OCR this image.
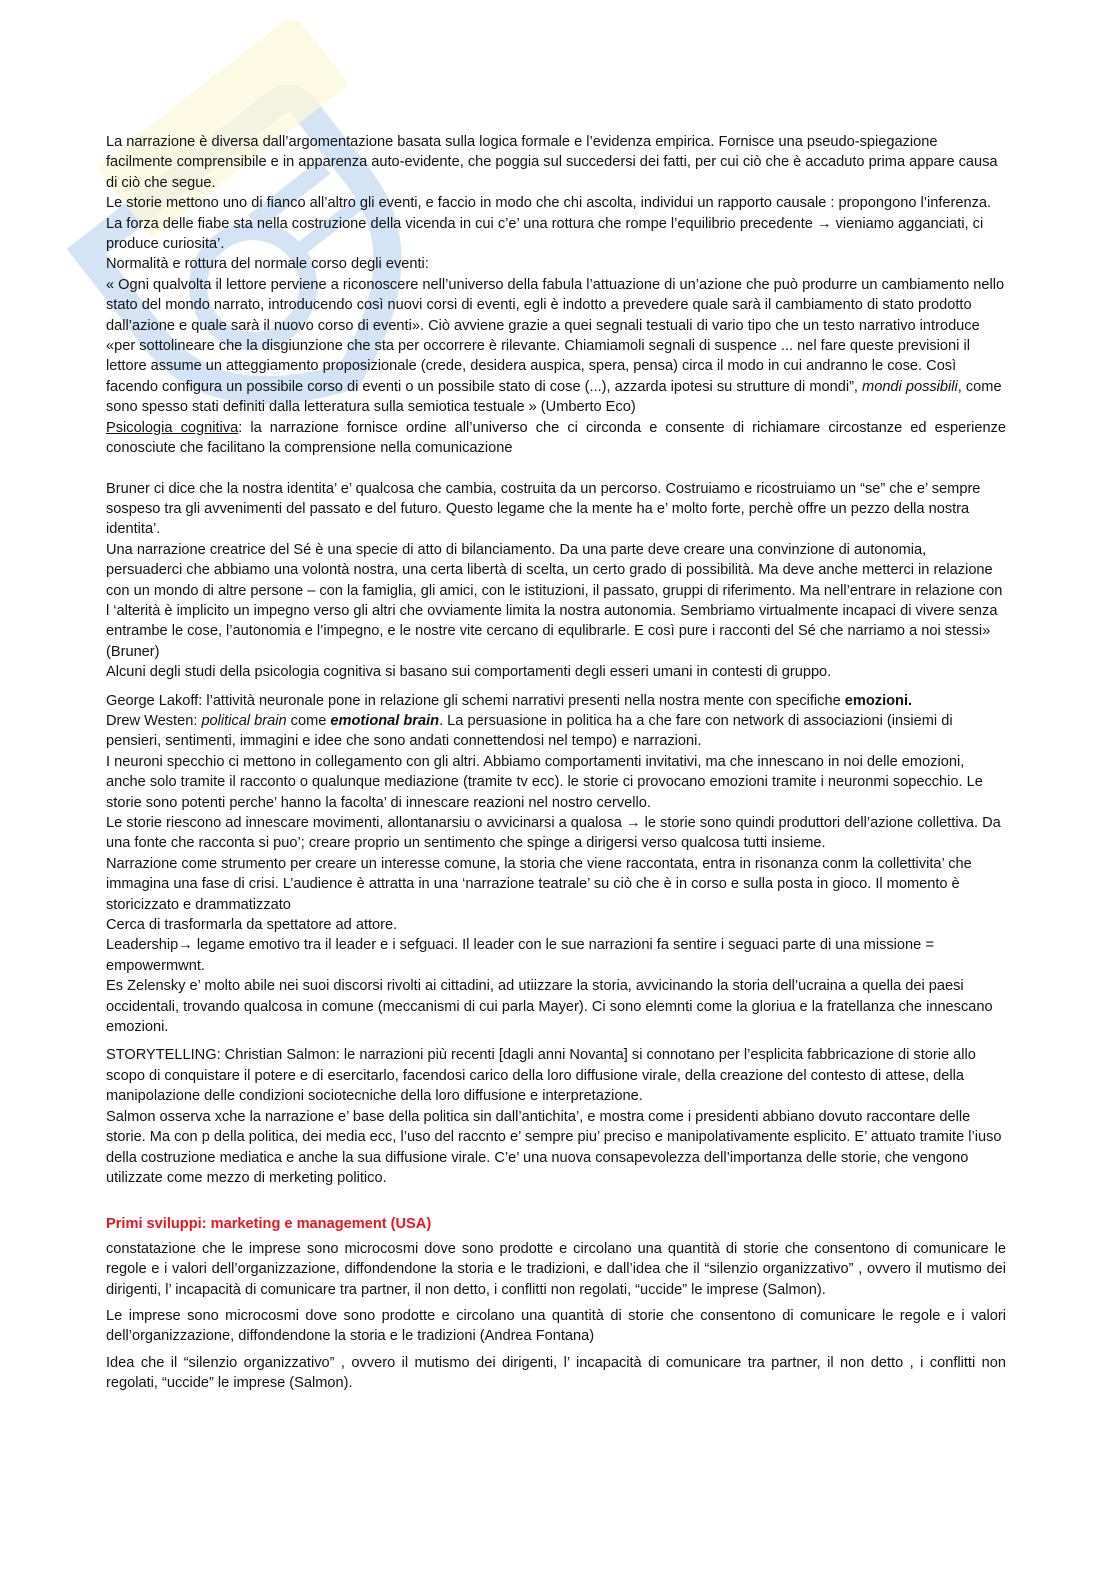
La narrazione è diversa dall’argomentazione basata sulla logica formale e l’evidenza empirica. Fornisce una pseudo-spiegazione facilmente comprensibile e in apparenza auto-evidente, che poggia sul succedersi dei fatti, per cui ciò che è accaduto prima appare causa di ciò che segue.

Le storie mettono uno di fianco all’altro gli eventi, e faccio in modo che chi ascolta, individui un rapporto causale : propongono l’inferenza.

La forza delle fiabe sta nella costruzione della vicenda in cui c’e’ una rottura che rompe l’equilibrio precedente → vieniamo agganciati, ci produce curiosita’.

Normalità e rottura del normale corso degli eventi:

« Ogni qualvolta il lettore perviene a riconoscere nell’universo della fabula l’attuazione di un’azione che può produrre un cambiamento nello stato del mondo narrato, introducendo così nuovi corsi di eventi, egli è indotto a prevedere quale sarà il cambiamento di stato prodotto dall’azione e quale sarà il nuovo corso di eventi». Ciò avviene grazie a quei segnali testuali di vario tipo che un testo narrativo introduce «per sottolineare che la disgiunzione che sta per occorrere è rilevante. Chiamiamoli segnali di suspence ... nel fare queste previsioni il lettore assume un atteggiamento proposizionale (crede, desidera auspica, spera, pensa) circa il modo in cui andranno le cose. Così facendo configura un possibile corso di eventi o un possibile stato di cose (...), azzarda ipotesi su strutture di mondi”, mondi possibili, come sono spesso stati definiti dalla letteratura sulla semiotica testuale » (Umberto Eco)

Psicologia cognitiva: la narrazione fornisce ordine all’universo che ci circonda e consente di richiamare circostanze ed esperienze conosciute che facilitano la comprensione nella comunicazione

Bruner ci dice che la nostra identita’ e’ qualcosa che cambia, costruita da un percorso. Costruiamo e ricostruiamo un “se” che e’ sempre sospeso tra gli avvenimenti del passato e del futuro. Questo legame che la mente ha e’ molto forte, perchè offre un pezzo della nostra identita’.

Una narrazione creatrice del Sé è una specie di atto di bilanciamento. Da una parte deve creare una convinzione di autonomia, persuaderci che abbiamo una volontà nostra, una certa libertà di scelta, un certo grado di possibilità. Ma deve anche metterci in relazione con un mondo di altre persone – con la famiglia, gli amici, con le istituzioni, il passato, gruppi di riferimento. Ma nell’entrare in relazione con l ‘alterità è implicito un impegno verso gli altri che ovviamente limita la nostra autonomia. Sembriamo virtualmente incapaci di vivere senza entrambe le cose, l’autonomia e l’impegno, e le nostre vite cercano di equlibrarle. E così pure i racconti del Sé che narriamo a noi stessi» (Bruner)

Alcuni degli studi della psicologia cognitiva si basano sui comportamenti degli esseri umani in contesti di gruppo.

George Lakoff: l’attività neuronale pone in relazione gli schemi narrativi presenti nella nostra mente con specifiche emozioni.

Drew Westen: political brain come emotional brain. La persuasione in politica ha a che fare con network di associazioni (insiemi di pensieri, sentimenti, immagini e idee che sono andati connettendosi nel tempo) e narrazioni.

I neuroni specchio ci mettono in collegamento con gli altri. Abbiamo comportamenti invitativi, ma che innescano in noi delle emozioni, anche solo tramite il racconto o qualunque mediazione (tramite tv ecc). le storie ci provocano emozioni tramite i neuronmi sopecchio. Le storie sono potenti perche’ hanno la facolta’ di innescare reazioni nel nostro cervello.

Le storie riescono ad innescare movimenti, allontanarsiu o avvicinarsi a qualosa → le storie sono quindi produttori dell’azione collettiva. Da una fonte che racconta si puo’; creare proprio un sentimento che spinge a dirigersi verso qualcosa tutti insieme.

Narrazione come strumento per creare un interesse comune, la storia che viene raccontata, entra in risonanza conm la collettivita’ che immagina una fase di crisi. L’audience è attratta in una ‘narrazione teatrale’ su ciò che è in corso e sulla posta in gioco. Il momento è storicizzato e drammatizzato

Cerca di trasformarla da spettatore ad attore.

Leadership→ legame emotivo tra il leader e i sefguaci. Il leader con le sue narrazioni fa sentire i seguaci parte di una missione = empowermwnt.

Es Zelensky e’ molto abile nei suoi discorsi rivolti ai cittadini, ad utiizzare la storia, avvicinando la storia dell’ucraina a quella dei paesi occidentali, trovando qualcosa in comune (meccanismi di cui parla Mayer). Ci sono elemnti come la gloriua e la fratellanza che innescano emozioni.

STORYTELLING: Christian Salmon: le narrazioni più recenti [dagli anni Novanta] si connotano per l’esplicita fabbricazione di storie allo scopo di conquistare il potere e di esercitarlo, facendosi carico della loro diffusione virale, della creazione del contesto di attese, della manipolazione delle condizioni sociotecniche della loro diffusione e interpretazione.

Salmon osserva xche la narrazione e’ base della politica sin dall’antichita’, e mostra come i presidenti abbiano dovuto raccontare delle storie. Ma con p della politica, dei media ecc, l’uso del raccnto e’ sempre piu’ preciso e manipolativamente esplicito. E’ attuato tramite l’iuso della costruzione mediatica e anche la sua diffusione virale. C’e’ una nuova consapevolezza dell’importanza delle storie, che vengono utilizzate come mezzo di merketing politico.

Primi sviluppi: marketing e management (USA)

constatazione che le imprese sono microcosmi dove sono prodotte e circolano una quantità di storie che consentono di comunicare le regole e i valori dell’organizzazione, diffondendone la storia e le tradizioni, e dall’idea che il “silenzio organizzativo” , ovvero il mutismo dei dirigenti, l’ incapacità di comunicare tra partner, il non detto, i conflitti non regolati, “uccide” le imprese (Salmon).

Le imprese sono microcosmi dove sono prodotte e circolano una quantità di storie che consentono di comunicare le regole e i valori dell’organizzazione, diffondendone la storia e le tradizioni (Andrea Fontana)

Idea che il “silenzio organizzativo” , ovvero il mutismo dei dirigenti, l’ incapacità di comunicare tra partner, il non detto , i conflitti non regolati, “uccide” le imprese (Salmon).
